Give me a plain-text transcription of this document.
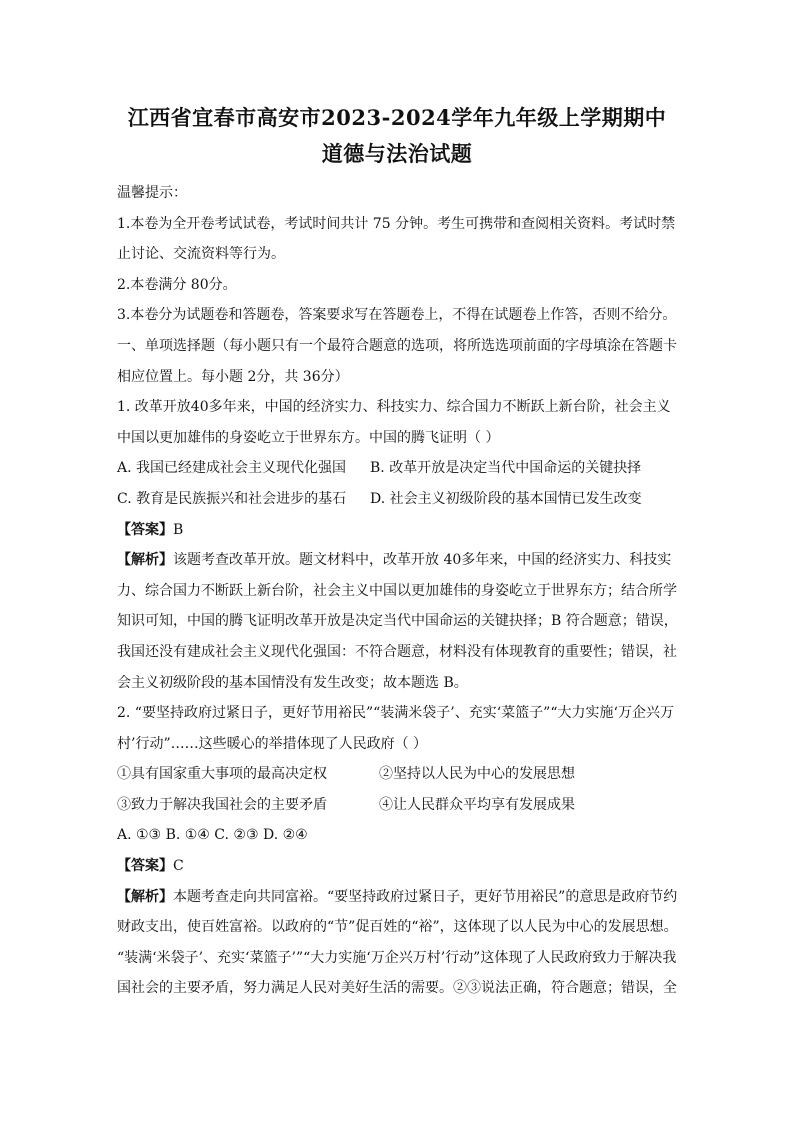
江西省宜春市高安市2023-2024学年九年级上学期期中
道德与法治试题

温馨提示：

1.本卷为全开卷考试试卷，考试时间共计 75 分钟。考生可携带和查阅相关资料。考试时禁

止讨论、交流资料等行为。

2.本卷满分 80分。

3.本卷分为试题卷和答题卷，答案要求写在答题卷上，不得在试题卷上作答，否则不给分。

一、单项选择题（每小题只有一个最符合题意的选项，将所选选项前面的字母填涂在答题卡

相应位置上。每小题 2分，共 36分）

1. 改革开放40多年来，中国的经济实力、科技实力、综合国力不断跃上新台阶，社会主义

中国以更加雄伟的身姿屹立于世界东方。中国的腾飞证明（ ）

A. 我国已经建成社会主义现代化强国	B. 改革开放是决定当代中国命运的关键抉择
C. 教育是民族振兴和社会进步的基石	D. 社会主义初级阶段的基本国情已发生改变

【答案】B

【解析】该题考查改革开放。题文材料中，改革开放 40多年来，中国的经济实力、科技实

力、综合国力不断跃上新台阶，社会主义中国以更加雄伟的身姿屹立于世界东方；结合所学

知识可知，中国的腾飞证明改革开放是决定当代中国命运的关键抉择；B 符合题意；错误，

我国还没有建成社会主义现代化强国：不符合题意，材料没有体现教育的重要性；错误，社

会主义初级阶段的基本国情没有发生改变；故本题选 B。

2. “要坚持政府过紧日子，更好节用裕民”“装满米袋子’、充实‘菜篮子”“大力实施‘万企兴万

村’行动”……这些暖心的举措体现了人民政府（ ）

①具有国家重大事项的最高决定权	②坚持以人民为中心的发展思想
③致力于解决我国社会的主要矛盾	④让人民群众平均享有发展成果

A. ①③ B. ①④ C. ②③ D. ②④

【答案】C

【解析】本题考查走向共同富裕。“要坚持政府过紧日子，更好节用裕民”的意思是政府节约

财政支出，使百姓富裕。以政府的“节”促百姓的“裕”，这体现了以人民为中心的发展思想。

“装满‘米袋子’、充实‘菜篮子’”“大力实施‘万企兴万村’行动”这体现了人民政府致力于解决我

国社会的主要矛盾，努力满足人民对美好生活的需要。②③说法正确，符合题意；错误，全
